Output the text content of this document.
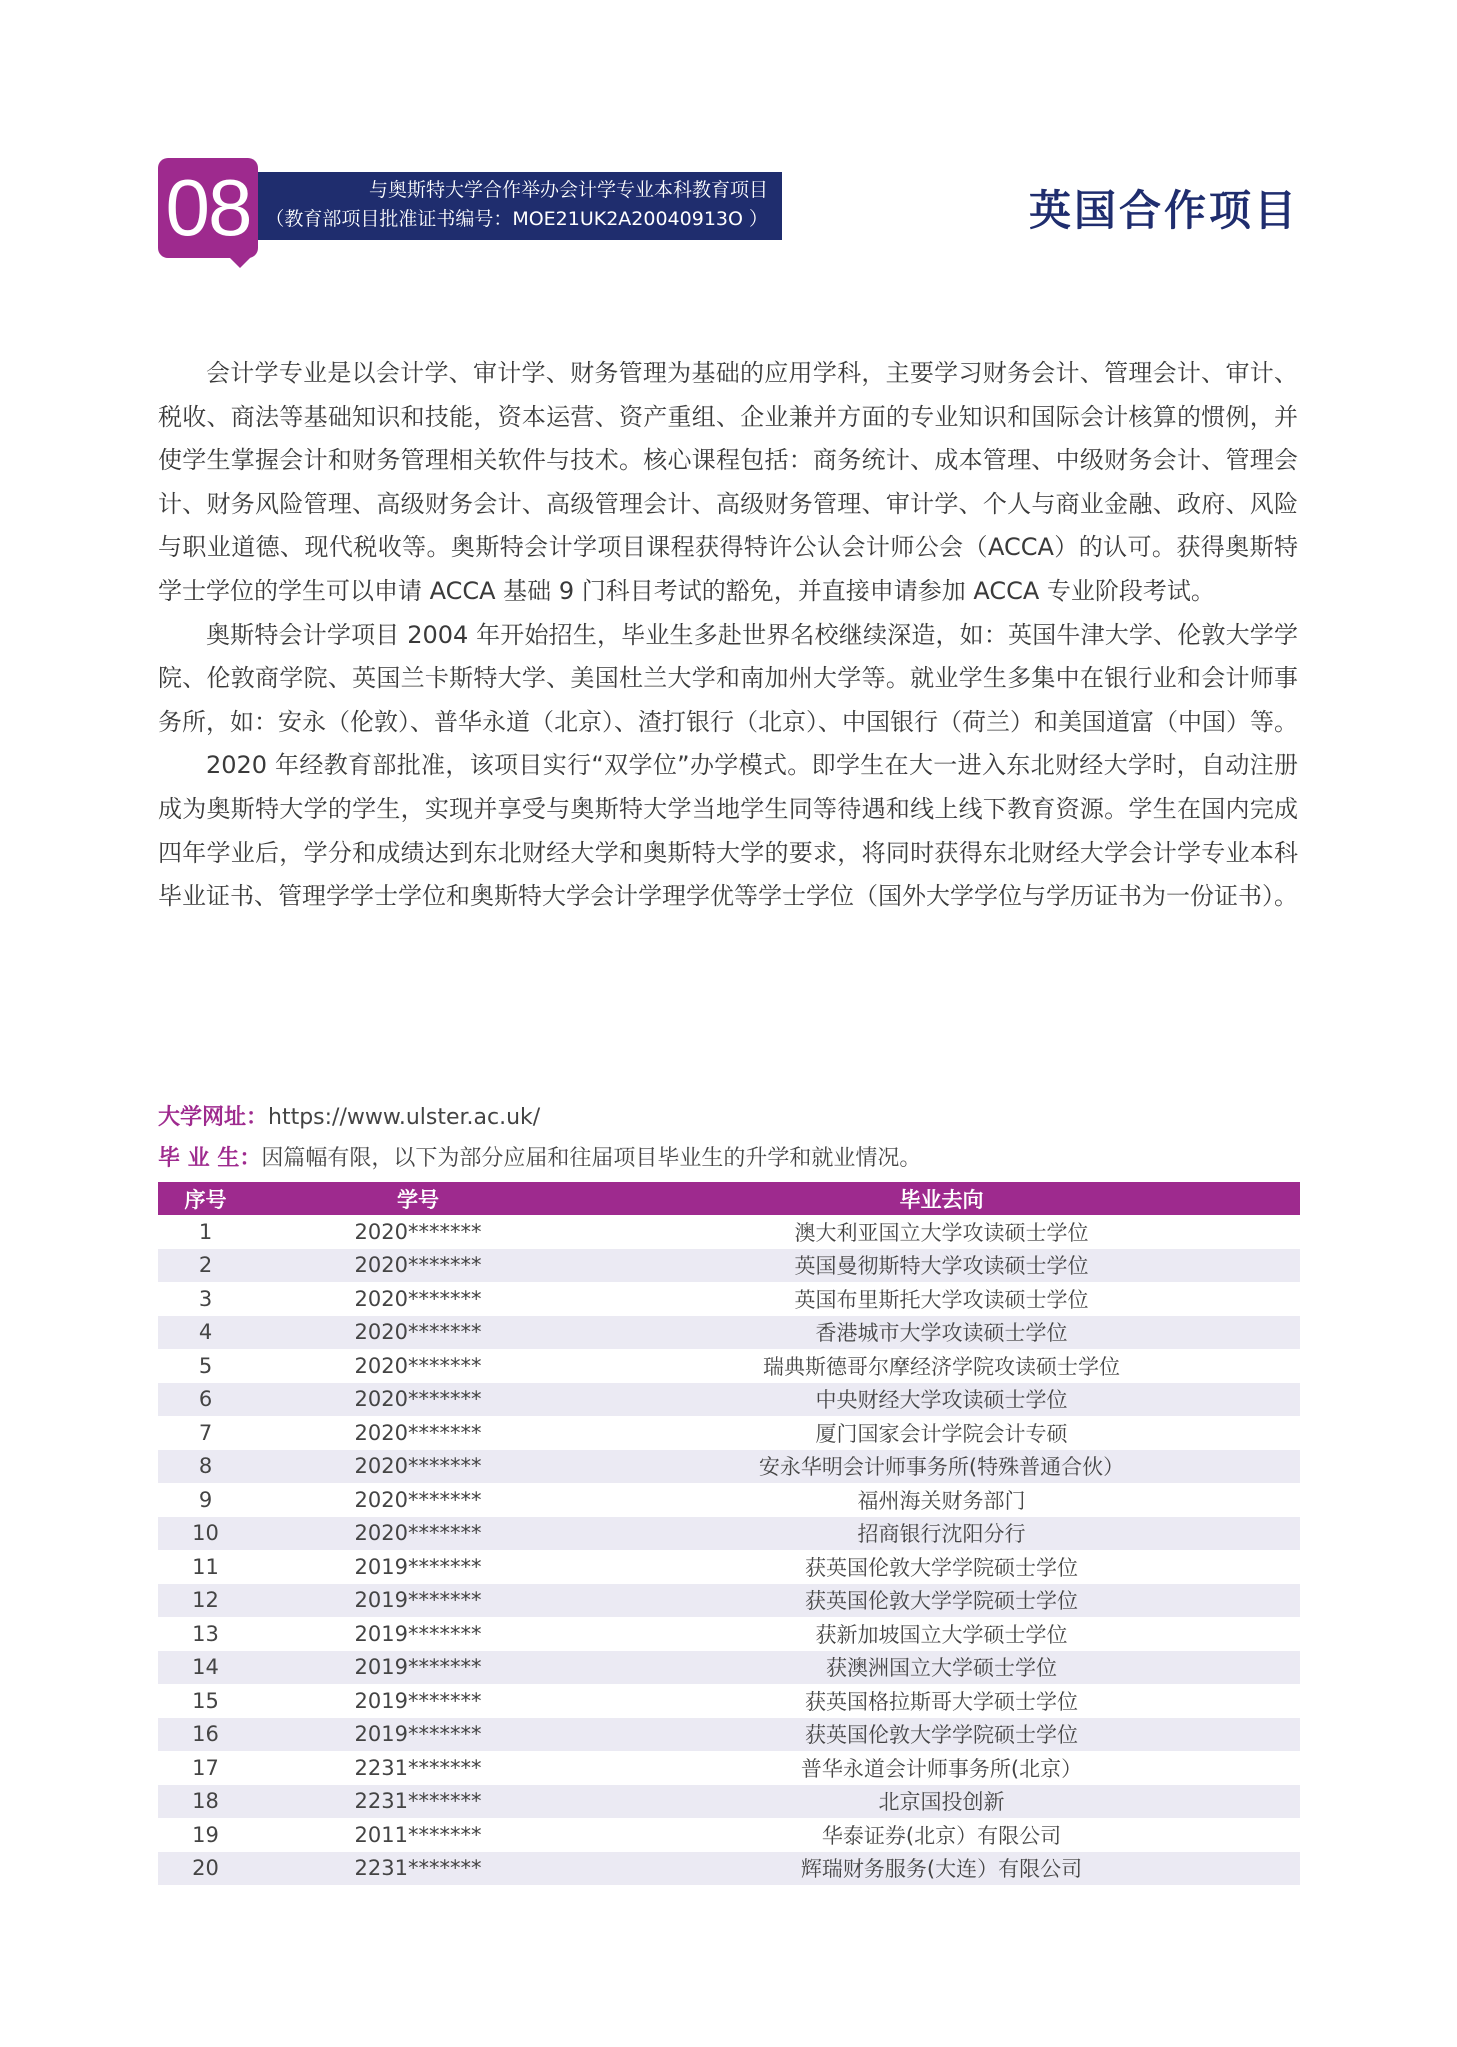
08	与奥斯特大学合作举办会计学专业本科教育项目
（教育部项目批准证书编号：MOE21UK2A20040913O ）	英国合作项目

会计学专业是以会计学、审计学、财务管理为基础的应用学科，主要学习财务会计、管理会计、审计、税收、商法等基础知识和技能，资本运营、资产重组、企业兼并方面的专业知识和国际会计核算的惯例，并使学生掌握会计和财务管理相关软件与技术。核心课程包括：商务统计、成本管理、中级财务会计、管理会计、财务风险管理、高级财务会计、高级管理会计、高级财务管理、审计学、个人与商业金融、政府、风险与职业道德、现代税收等。奥斯特会计学项目课程获得特许公认会计师公会（ACCA）的认可。获得奥斯特学士学位的学生可以申请 ACCA 基础 9 门科目考试的豁免，并直接申请参加 ACCA 专业阶段考试。

奥斯特会计学项目 2004 年开始招生，毕业生多赴世界名校继续深造，如：英国牛津大学、伦敦大学学院、伦敦商学院、英国兰卡斯特大学、美国杜兰大学和南加州大学等。就业学生多集中在银行业和会计师事务所，如：安永（伦敦）、普华永道（北京）、渣打银行（北京）、中国银行（荷兰）和美国道富（中国）等。

2020 年经教育部批准，该项目实行“双学位”办学模式。即学生在大一进入东北财经大学时，自动注册成为奥斯特大学的学生，实现并享受与奥斯特大学当地学生同等待遇和线上线下教育资源。学生在国内完成四年学业后，学分和成绩达到东北财经大学和奥斯特大学的要求，将同时获得东北财经大学会计学专业本科毕业证书、管理学学士学位和奥斯特大学会计学理学优等学士学位（国外大学学位与学历证书为一份证书）。

大学网址：https://www.ulster.ac.uk/
毕 业 生：因篇幅有限，以下为部分应届和往届项目毕业生的升学和就业情况。
序号	学号	毕业去向
1	2020*******	澳大利亚国立大学攻读硕士学位
2	2020*******	英国曼彻斯特大学攻读硕士学位
3	2020*******	英国布里斯托大学攻读硕士学位
4	2020*******	香港城市大学攻读硕士学位
5	2020*******	瑞典斯德哥尔摩经济学院攻读硕士学位
6	2020*******	中央财经大学攻读硕士学位
7	2020*******	厦门国家会计学院会计专硕
8	2020*******	安永华明会计师事务所(特殊普通合伙）
9	2020*******	福州海关财务部门
10	2020*******	招商银行沈阳分行
11	2019*******	获英国伦敦大学学院硕士学位
12	2019*******	获英国伦敦大学学院硕士学位
13	2019*******	获新加坡国立大学硕士学位
14	2019*******	获澳洲国立大学硕士学位
15	2019*******	获英国格拉斯哥大学硕士学位
16	2019*******	获英国伦敦大学学院硕士学位
17	2231*******	普华永道会计师事务所(北京）
18	2231*******	北京国投创新
19	2011*******	华泰证券(北京）有限公司
20	2231*******	辉瑞财务服务(大连）有限公司
